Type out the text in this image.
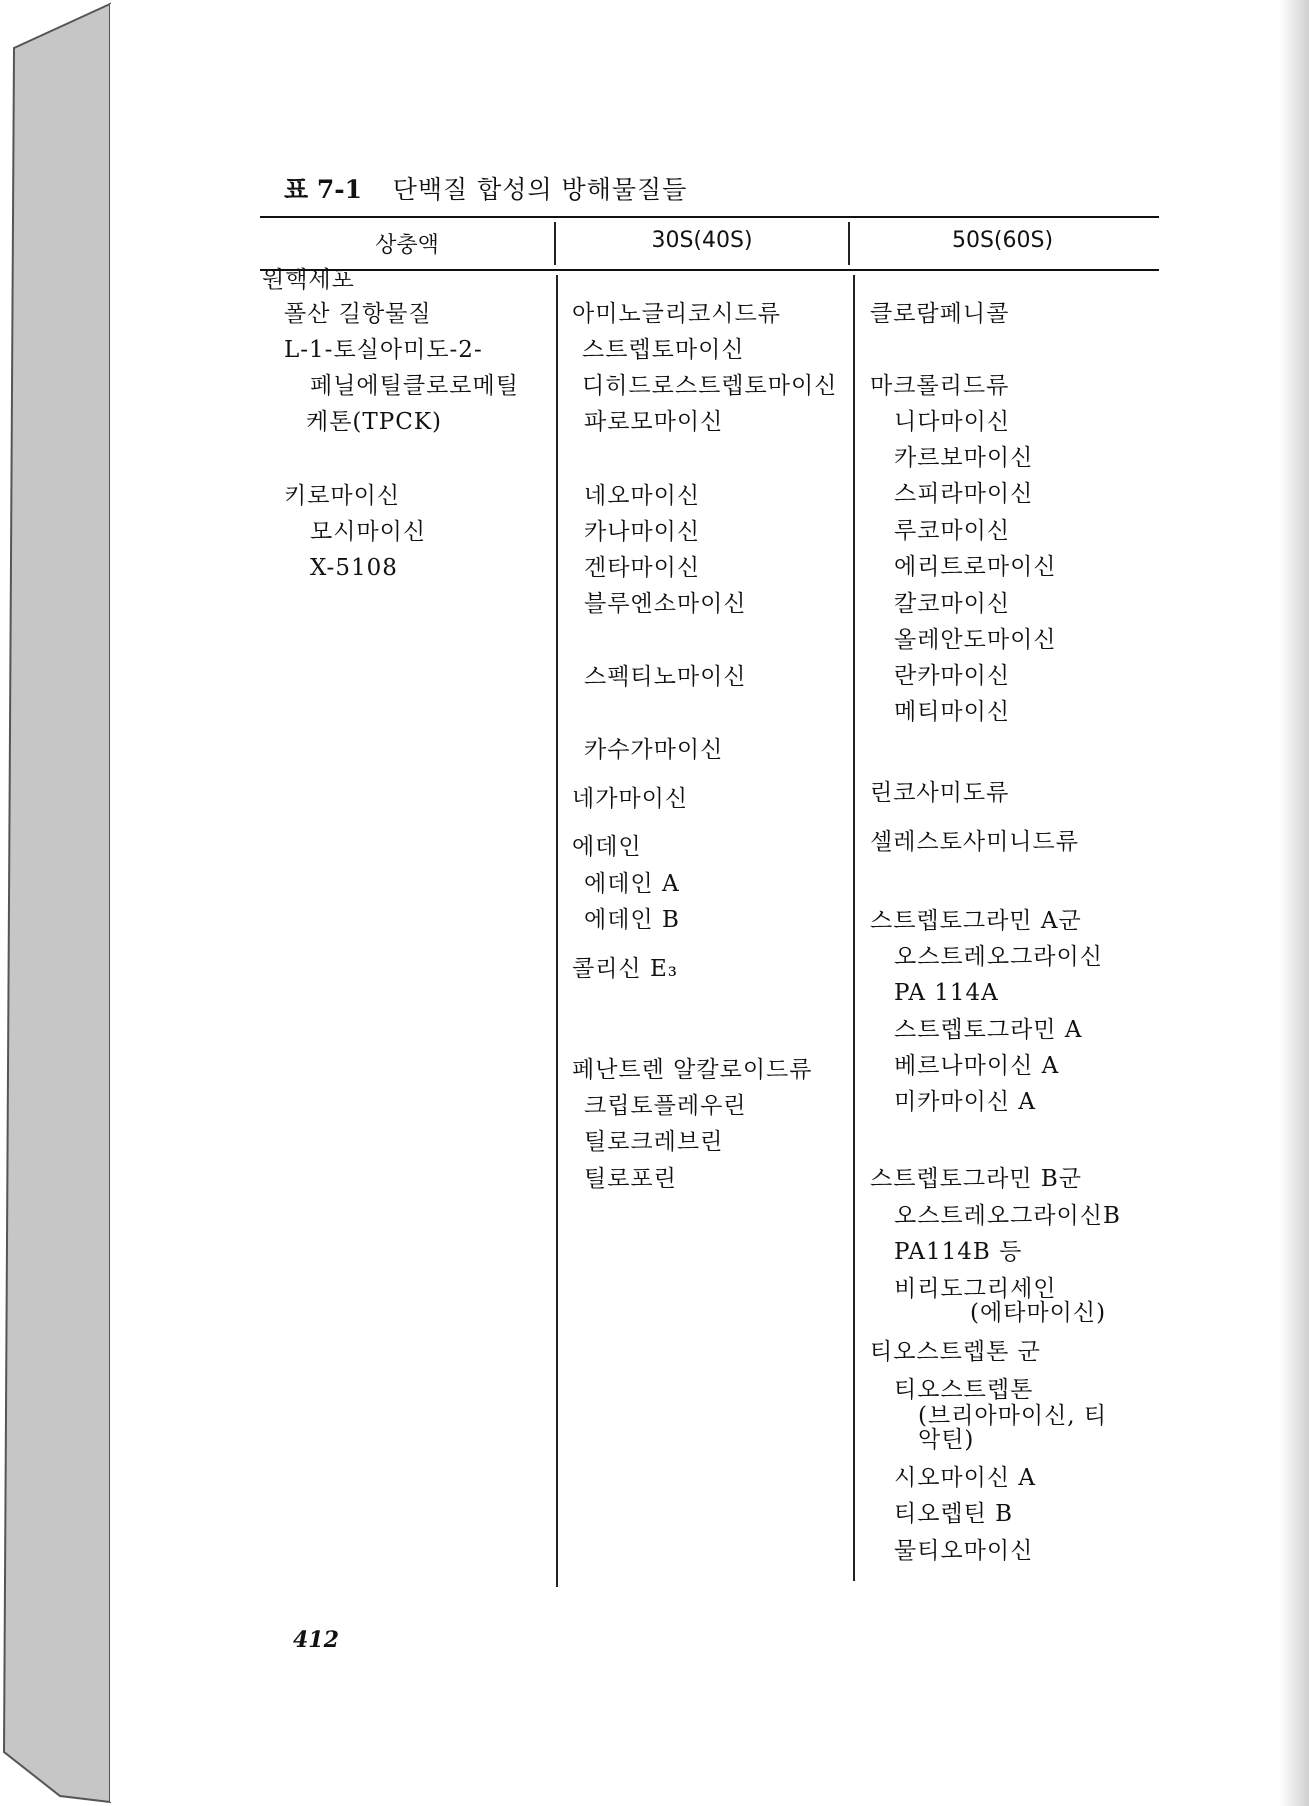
표 7-1 단백질 합성의 방해물질들
상충액	30S(40S)	50S(60S)
원핵세포
폴산 길항물질
L-1-토실아미도-2-
페닐에틸클로로메틸
케톤(TPCK)
키로마이신
모시마이신
X-5108
아미노글리코시드류
스트렙토마이신
디히드로스트렙토마이신
파로모마이신
네오마이신
카나마이신
겐타마이신
블루엔소마이신
스펙티노마이신
카수가마이신
네가마이신
에데인
에데인 A
에데인 B
콜리신 E₃
페난트렌 알칼로이드류
크립토플레우린
틸로크레브린
틸로포린
클로람페니콜
마크롤리드류
니다마이신
카르보마이신
스피라마이신
루코마이신
에리트로마이신
칼코마이신
올레안도마이신
란카마이신
메티마이신
린코사미도류
셀레스토사미니드류
스트렙토그라민 A군
오스트레오그라이신
PA 114A
스트렙토그라민 A
베르나마이신 A
미카마이신 A
스트렙토그라민 B군
오스트레오그라이신B
PA114B 등
비리도그리세인
(에타마이신)
티오스트렙톤 군
티오스트렙톤
(브리아마이신, 티
악틴)
시오마이신 A
티오렙틴 B
물티오마이신
412
